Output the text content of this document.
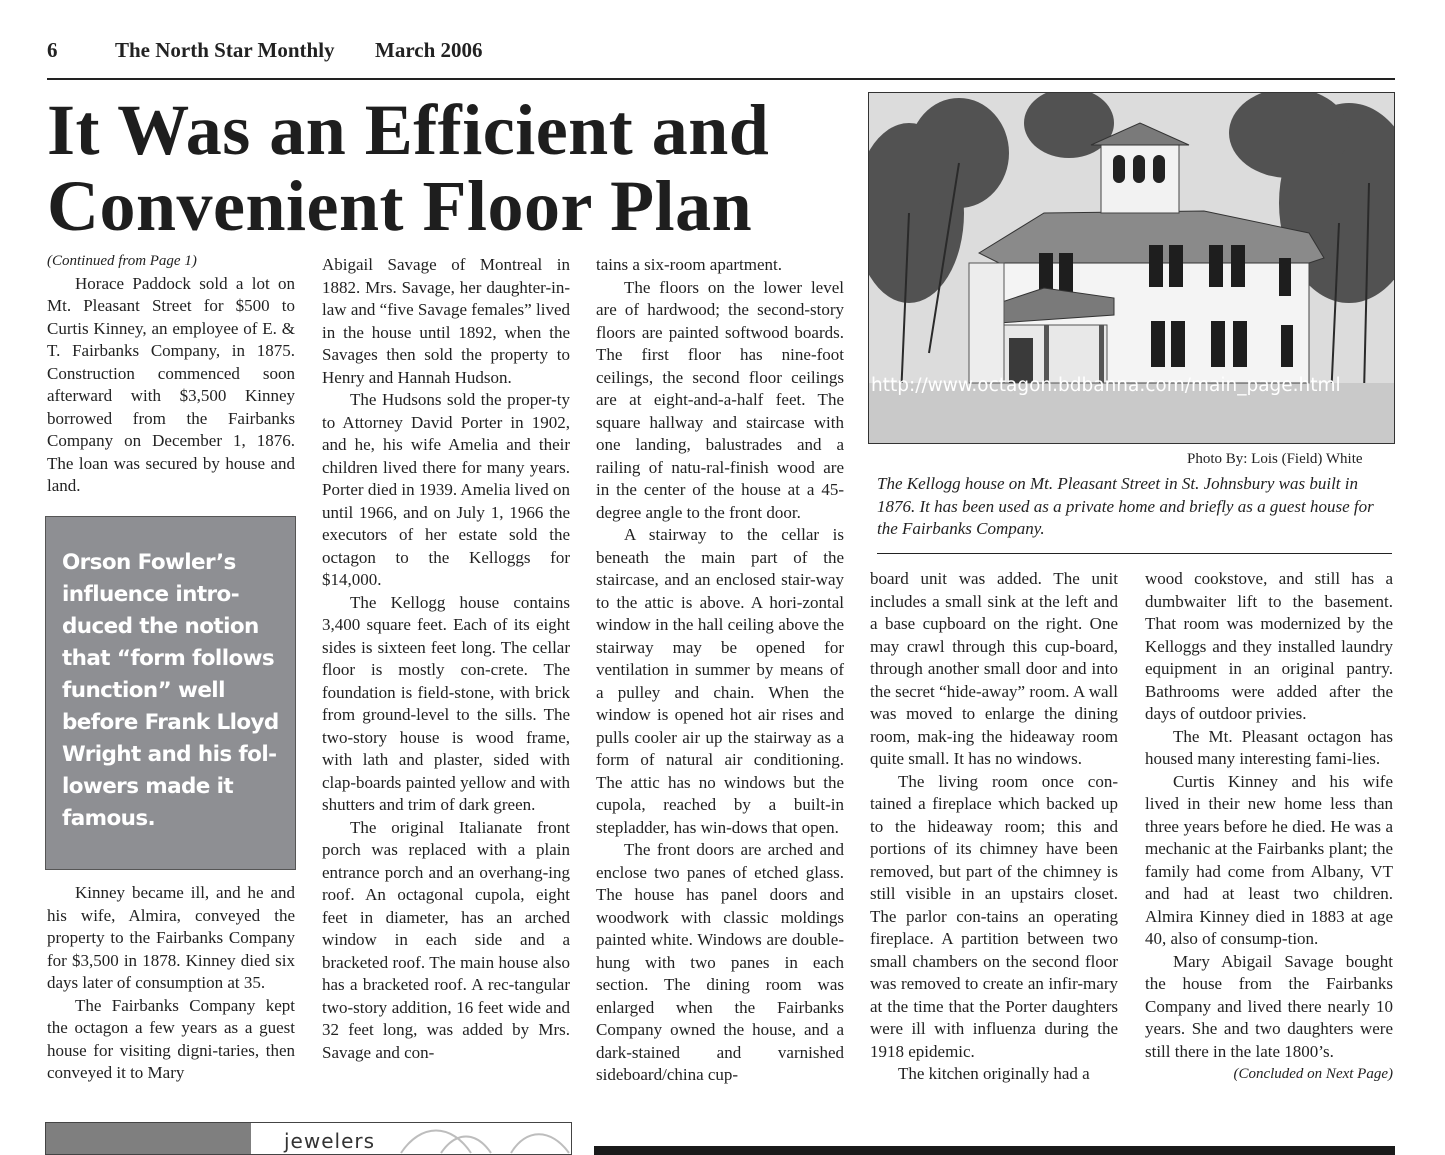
6	The North Star Monthly March 2006
It Was an Efficient and Convenient Floor Plan

(Continued from Page 1)

Horace Paddock sold a lot on Mt. Pleasant Street for $500 to Curtis Kinney, an employee of E. & T. Fairbanks Company, in 1875. Construction commenced soon afterward with $3,500 Kinney borrowed from the Fairbanks Company on December 1, 1876. The loan was secured by house and land.

Orson Fowler’s influence intro-duced the notion that “form follows function” well before Frank Lloyd Wright and his fol-lowers made it famous.

Kinney became ill, and he and his wife, Almira, conveyed the property to the Fairbanks Company for $3,500 in 1878. Kinney died six days later of consumption at 35.

The Fairbanks Company kept the octagon a few years as a guest house for visiting digni-taries, then conveyed it to Mary

Abigail Savage of Montreal in 1882. Mrs. Savage, her daughter-in-law and “five Savage females” lived in the house until 1892, when the Savages then sold the property to Henry and Hannah Hudson.

The Hudsons sold the proper-ty to Attorney David Porter in 1902, and he, his wife Amelia and their children lived there for many years. Porter died in 1939. Amelia lived on until 1966, and on July 1, 1966 the executors of her estate sold the octagon to the Kelloggs for $14,000.

The Kellogg house contains 3,400 square feet. Each of its eight sides is sixteen feet long. The cellar floor is mostly con-crete. The foundation is field-stone, with brick from ground-level to the sills. The two-story house is wood frame, with lath and plaster, sided with clap-boards painted yellow and with shutters and trim of dark green.

The original Italianate front porch was replaced with a plain entrance porch and an overhang-ing roof. An octagonal cupola, eight feet in diameter, has an arched window in each side and a bracketed roof. The main house also has a bracketed roof. A rec-tangular two-story addition, 16 feet wide and 32 feet long, was added by Mrs. Savage and con-

tains a six-room apartment.

The floors on the lower level are of hardwood; the second-story floors are painted softwood boards. The first floor has nine-foot ceilings, the second floor ceilings are at eight-and-a-half feet. The square hallway and staircase with one landing, balustrades and a railing of natu-ral-finish wood are in the center of the house at a 45-degree angle to the front door.

A stairway to the cellar is beneath the main part of the staircase, and an enclosed stair-way to the attic is above. A hori-zontal window in the hall ceiling above the stairway may be opened for ventilation in summer by means of a pulley and chain. When the window is opened hot air rises and pulls cooler air up the stairway as a form of natural air conditioning. The attic has no windows but the cupola, reached by a built-in stepladder, has win-dows that open.

The front doors are arched and enclose two panes of etched glass. The house has panel doors and woodwork with classic moldings painted white. Windows are double-hung with two panes in each section. The dining room was enlarged when the Fairbanks Company owned the house, and a dark-stained and varnished sideboard/china cup-

http://www.octagon.bdbanna.com/main_page.html
Photo By: Lois (Field) White

The Kellogg house on Mt. Pleasant Street in St. Johnsbury was built in 1876. It has been used as a private home and briefly as a guest house for the Fairbanks Company.

board unit was added. The unit includes a small sink at the left and a base cupboard on the right. One may crawl through this cup-board, through another small door and into the secret “hide-away” room. A wall was moved to enlarge the dining room, mak-ing the hideaway room quite small. It has no windows.

The living room once con-tained a fireplace which backed up to the hideaway room; this and portions of its chimney have been removed, but part of the chimney is still visible in an upstairs closet. The parlor con-tains an operating fireplace. A partition between two small chambers on the second floor was removed to create an infir-mary at the time that the Porter daughters were ill with influenza during the 1918 epidemic.

The kitchen originally had a

wood cookstove, and still has a dumbwaiter lift to the basement. That room was modernized by the Kelloggs and they installed laundry equipment in an original pantry. Bathrooms were added after the days of outdoor privies.

The Mt. Pleasant octagon has housed many interesting fami-lies.

Curtis Kinney and his wife lived in their new home less than three years before he died. He was a mechanic at the Fairbanks plant; the family had come from Albany, VT and had at least two children. Almira Kinney died in 1883 at age 40, also of consump-tion.

Mary Abigail Savage bought the house from the Fairbanks Company and lived there nearly 10 years. She and two daughters were still there in the late 1800’s.

(Concluded on Next Page)

jewelers
